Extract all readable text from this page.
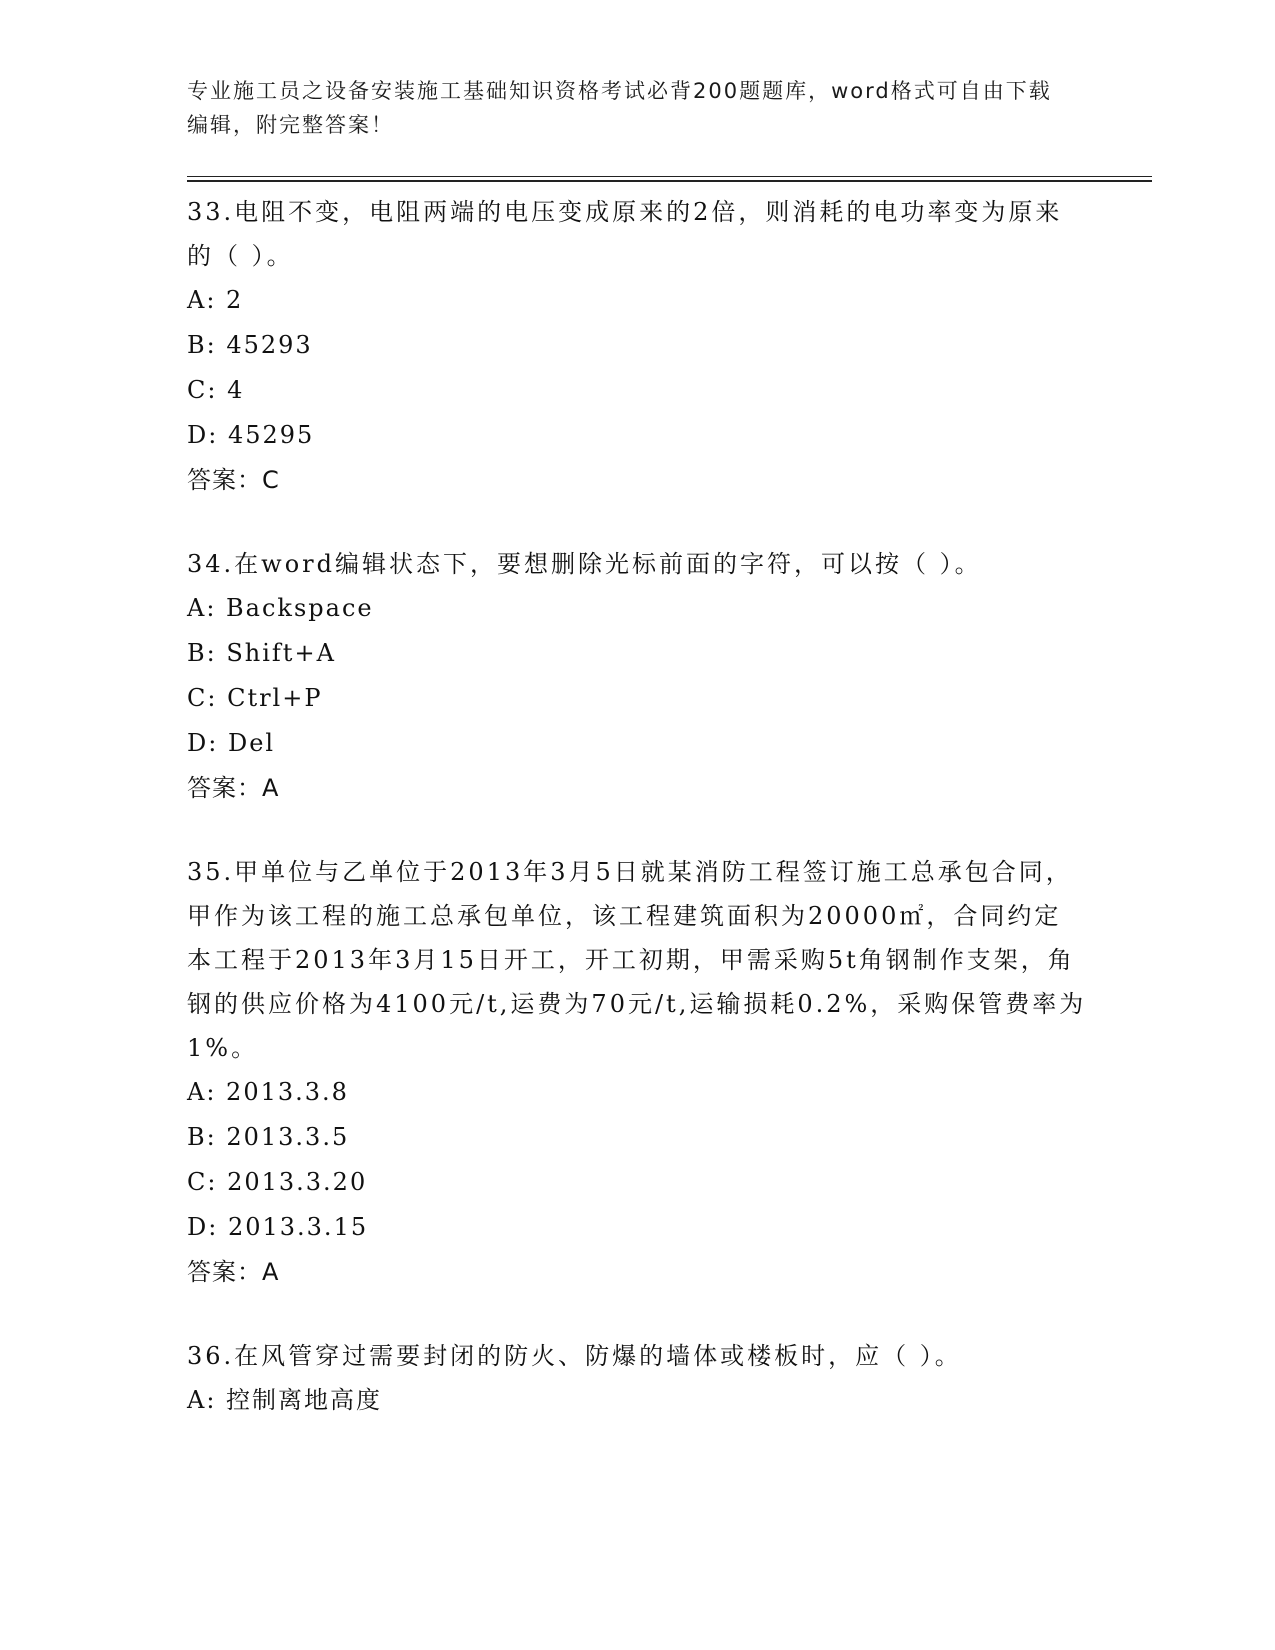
专业施工员之设备安装施工基础知识资格考试必背200题题库，word格式可自由下载编辑，附完整答案！

33.电阻不变，电阻两端的电压变成原来的2倍，则消耗的电功率变为原来的（ ）。

A: 2

B: 45293

C: 4

D: 45295

答案：C

34.在word编辑状态下，要想删除光标前面的字符，可以按（ ）。

A: Backspace

B: Shift+A

C: Ctrl+P

D: Del

答案：A

35.甲单位与乙单位于2013年3月5日就某消防工程签订施工总承包合同，甲作为该工程的施工总承包单位，该工程建筑面积为20000㎡，合同约定本工程于2013年3月15日开工，开工初期，甲需采购5t角钢制作支架，角钢的供应价格为4100元/t,运费为70元/t,运输损耗0.2%，采购保管费率为1%。

A: 2013.3.8

B: 2013.3.5

C: 2013.3.20

D: 2013.3.15

答案：A

36.在风管穿过需要封闭的防火、防爆的墙体或楼板时，应（ ）。

A: 控制离地高度
